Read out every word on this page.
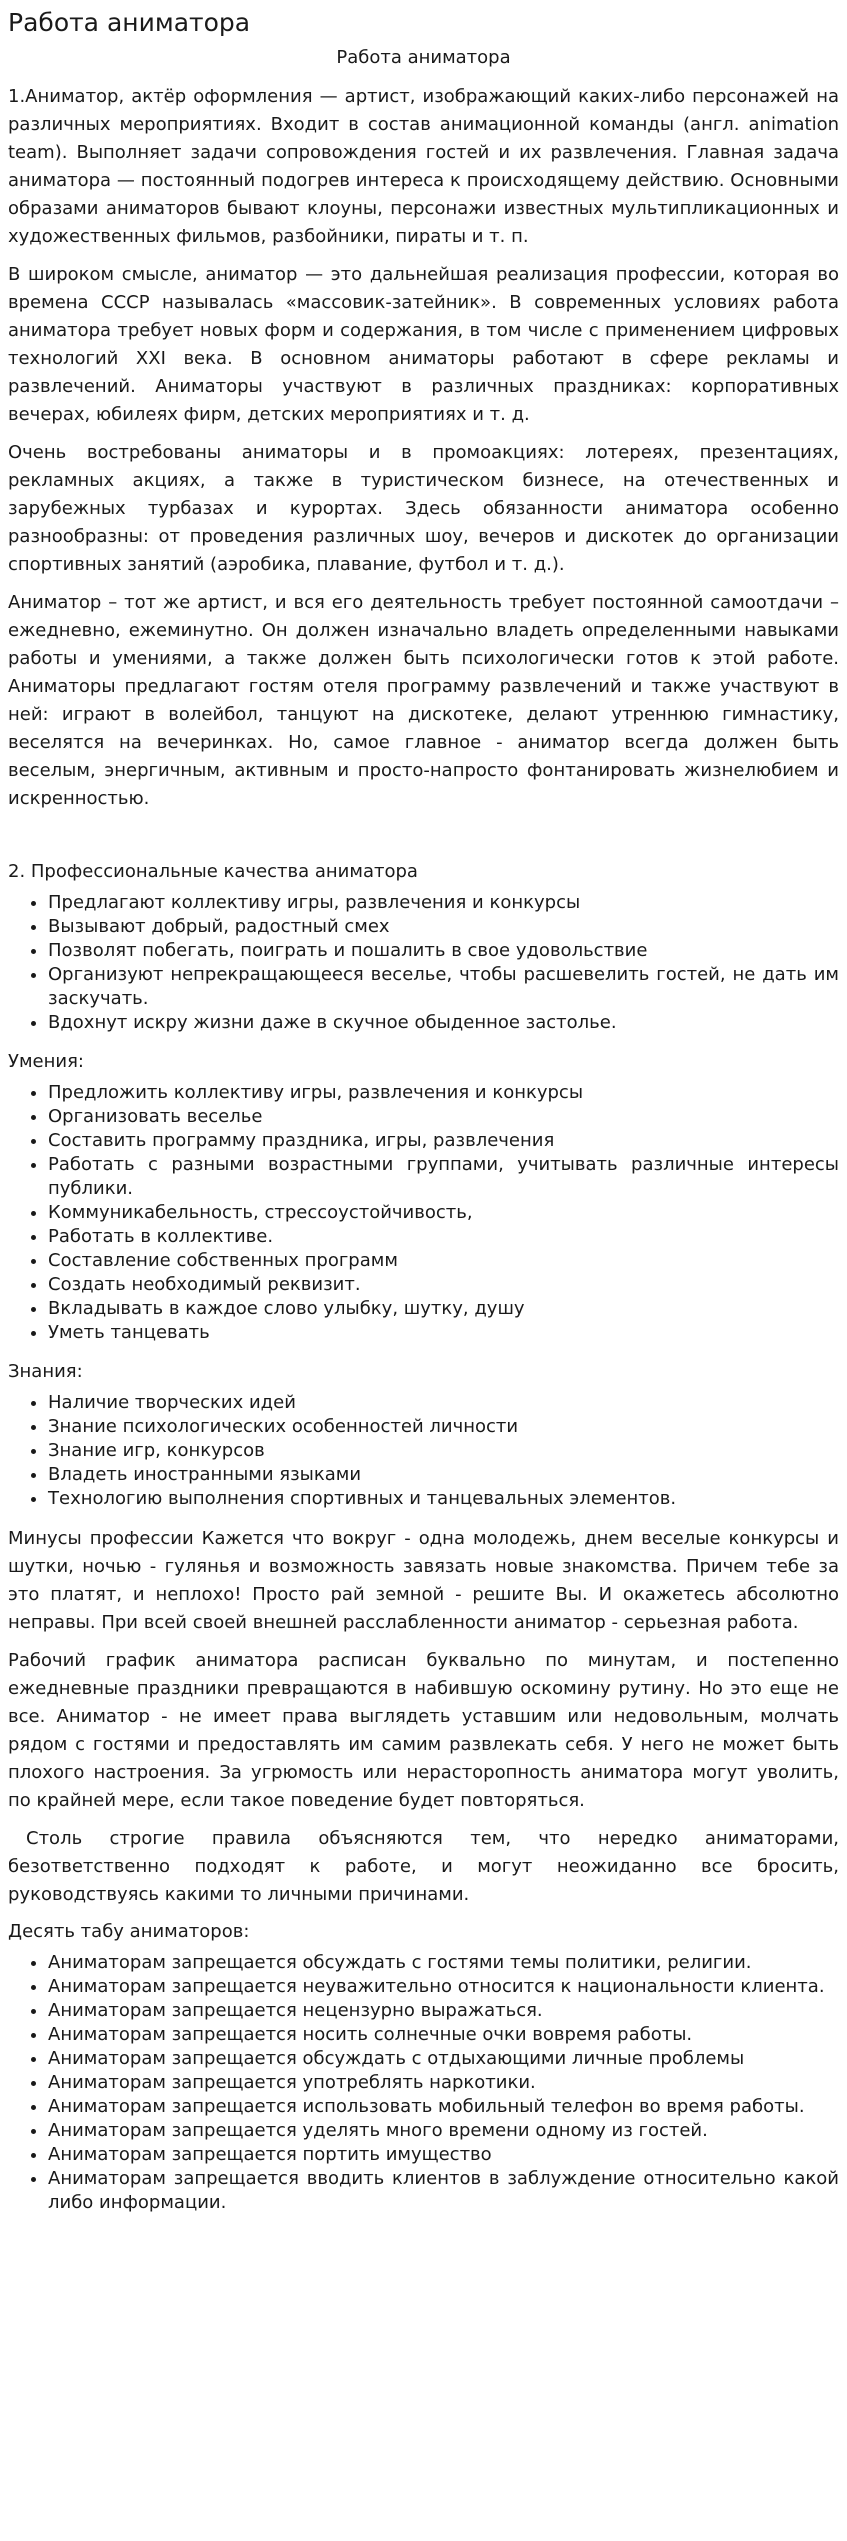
Работа аниматора
Работа аниматора

1.Аниматор, актёр оформления — артист, изображающий каких-либо персонажей на различных мероприятиях. Входит в состав анимационной команды (англ. animation team). Выполняет задачи сопровождения гостей и их развлечения. Главная задача аниматора — постоянный подогрев интереса к происходящему действию. Основными образами аниматоров бывают клоуны, персонажи известных мультипликационных и художественных фильмов, разбойники, пираты и т. п.

В широком смысле, аниматор — это дальнейшая реализация профессии, которая во времена СССР называлась «массовик-затейник». В современных условиях работа аниматора требует новых форм и содержания, в том числе с применением цифровых технологий XXI века. В основном аниматоры работают в сфере рекламы и развлечений. Аниматоры участвуют в различных праздниках: корпоративных вечерах, юбилеях фирм, детских мероприятиях и т. д.

Очень востребованы аниматоры и в промоакциях: лотереях, презентациях, рекламных акциях, а также в туристическом бизнесе, на отечественных и зарубежных турбазах и курортах. Здесь обязанности аниматора особенно разнообразны: от проведения различных шоу, вечеров и дискотек до организации спортивных занятий (аэробика, плавание, футбол и т. д.).

Аниматор – тот же артист, и вся его деятельность требует постоянной самоотдачи – ежедневно, ежеминутно. Он должен изначально владеть определенными навыками работы и умениями, а также должен быть психологически готов к этой работе. Аниматоры предлагают гостям отеля программу развлечений и также участвуют в ней: играют в волейбол, танцуют на дискотеке, делают утреннюю гимнастику, веселятся на вечеринках. Но, самое главное - аниматор всегда должен быть веселым, энергичным, активным и просто-напросто фонтанировать жизнелюбием и искренностью.

2. Профессиональные качества аниматора
• Предлагают коллективу игры, развлечения и конкурсы
• Вызывают добрый, радостный смех
• Позволят побегать, поиграть и пошалить в свое удовольствие
• Организуют непрекращающееся веселье, чтобы расшевелить гостей, не дать им заскучать.
• Вдохнут искру жизни даже в скучное обыденное застолье.
Умения:
• Предложить коллективу игры, развлечения и конкурсы
• Организовать веселье
• Составить программу праздника, игры, развлечения
• Работать с разными возрастными группами, учитывать различные интересы публики.
• Коммуникабельность, стрессоустойчивость,
• Работать в коллективе.
• Составление собственных программ
• Создать необходимый реквизит.
• Вкладывать в каждое слово улыбку, шутку, душу
• Уметь танцевать
Знания:
• Наличие творческих идей
• Знание психологических особенностей личности
• Знание игр, конкурсов
• Владеть иностранными языками
• Технологию выполнения спортивных и танцевальных элементов.

Минусы профессии Кажется что вокруг - одна молодежь, днем веселые конкурсы и шутки, ночью - гулянья и возможность завязать новые знакомства. Причем тебе за это платят, и неплохо! Просто рай земной - решите Вы. И окажетесь абсолютно неправы. При всей своей внешней расслабленности аниматор - серьезная работа.

Рабочий график аниматора расписан буквально по минутам, и постепенно ежедневные праздники превращаются в набившую оскомину рутину. Но это еще не все. Аниматор - не имеет права выглядеть уставшим или недовольным, молчать рядом с гостями и предоставлять им самим развлекать себя. У него не может быть плохого настроения. За угрюмость или нерасторопность аниматора могут уволить, по крайней мере, если такое поведение будет повторяться.

Столь строгие правила объясняются тем, что нередко аниматорами, безответственно подходят к работе, и могут неожиданно все бросить, руководствуясь какими то личными причинами.

Десять табу аниматоров:
• Аниматорам запрещается обсуждать с гостями темы политики, религии.
• Аниматорам запрещается неуважительно относится к национальности клиента.
• Аниматорам запрещается нецензурно выражаться.
• Аниматорам запрещается носить солнечные очки вовремя работы.
• Аниматорам запрещается обсуждать с отдыхающими личные проблемы
• Аниматорам запрещается употреблять наркотики.
• Аниматорам запрещается использовать мобильный телефон во время работы.
• Аниматорам запрещается уделять много времени одному из гостей.
• Аниматорам запрещается портить имущество
• Аниматорам запрещается вводить клиентов в заблуждение относительно какой либо информации.
